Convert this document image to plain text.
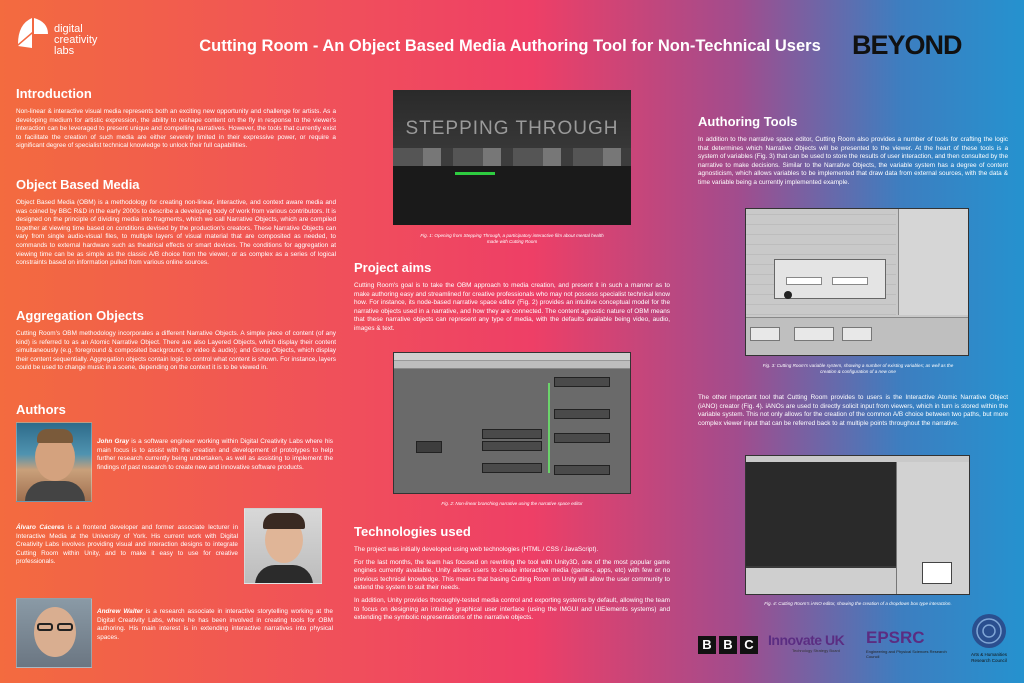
digital
creativity
labs	Cutting Room - An Object Based Media Authoring Tool for Non-Technical Users	BEYOND
Introduction
Non-linear & interactive visual media represents both an exciting new opportunity and challenge for artists. As a developing medium for artistic expression, the ability to reshape content on the fly in response to the viewer's interaction can be leveraged to present unique and compelling narratives. However, the tools that currently exist to facilitate the creation of such media are either severely limited in their expressive power, or require a significant degree of specialist technical knowledge to unlock their full capabilities.
Object Based Media
Object Based Media (OBM) is a methodology for creating non-linear, interactive, and context aware media and was coined by BBC R&D in the early 2000s to describe a developing body of work from various contributors. It is designed on the principle of dividing media into fragments, which we call Narrative Objects, which are compiled together at viewing time based on conditions devised by the production's creators. These Narrative Objects can vary from single audio-visual files, to multiple layers of visual material that are composited as needed, to commands to external hardware such as theatrical effects or smart devices. The conditions for aggregation at viewing time can be as simple as the classic A/B choice from the viewer, or as complex as a series of logical constraints based on information pulled from various online sources.
Aggregation Objects
Cutting Room's OBM methodology incorporates a different Narrative Objects. A simple piece of content (of any kind) is referred to as an Atomic Narrative Object. There are also Layered Objects, which display their content simultaneously (e.g. foreground & composited background, or video & audio); and Group Objects, which display their content sequentially. Aggregation objects contain logic to control what content is shown. For instance, layers could be used to change music in a scene, depending on the context it is to be viewed in.
Authors
John Gray is a software engineer working within Digital Creativity Labs where his main focus is to assist with the creation and development of prototypes to help further research currently being undertaken, as well as assisting to implement the findings of past research to create new and innovative software products.
Álvaro Cáceres is a frontend developer and former associate lecturer in Interactive Media at the University of York. His current work with Digital Creativity Labs involves providing visual and interaction designs to integrate Cutting Room within Unity, and to make it easy to use for creative professionals.
Andrew Walter is a research associate in interactive storytelling working at the Digital Creativity Labs, where he has been involved in creating tools for OBM authoring. His main interest is in extending interactive narratives into physical spaces.
STEPPING THROUGH
Fig. 1: Opening from Stepping Through, a participatory interactive film about mental health made with Cutting Room
Project aims
Cutting Room's goal is to take the OBM approach to media creation, and present it in such a manner as to make authoring easy and streamlined for creative professionals who may not possess specialist technical know how. For instance, its node-based narrative space editor (Fig. 2) provides an intuitive conceptual model for the narrative objects used in a narrative, and how they are connected. The content agnostic nature of OBM means that these narrative objects can represent any type of media, with the defaults available being video, audio, images & text.
Fig. 2: Non-linear branching narrative using the narrative space editor
Technologies used
The project was initially developed using web technologies (HTML / CSS / JavaScript).
For the last months, the team has focused on rewriting the tool with Unity3D, one of the most popular game engines currently available. Unity allows users to create interactive media (games, apps, etc) with few or no previous technical knowledge. This means that basing Cutting Room on Unity will allow the user community to extend the system to suit their needs.
In addition, Unity provides thoroughly-tested media control and exporting systems by default, allowing the team to focus on designing an intuitive graphical user interface (using the IMGUI and UIElements systems) and extending the symbolic representations of the narrative objects.
Authoring Tools
In addition to the narrative space editor, Cutting Room also provides a number of tools for crafting the logic that determines which Narrative Objects will be presented to the viewer. At the heart of these tools is a system of variables (Fig. 3) that can be used to store the results of user interaction, and then consulted by the narrative to make decisions. Similar to the Narrative Objects, the variable system has a degree of content agnosticism, which allows variables to be implemented that draw data from external sources, with the data & time variable being a currently implemented example.
Fig. 3: Cutting Room's variable system, showing a number of existing variables; as well as the creation & configuration of a new one
The other important tool that Cutting Room provides to users is the Interactive Atomic Narrative Object (iANO) creator (Fig. 4). iANOs are used to directly solicit input from viewers, which in turn is stored within the variable system. This not only allows for the creation of the common A/B choice between two paths, but more complex viewer input that can be referred back to at multiple points throughout the narrative.
Fig. 4: Cutting Room's iANO editor, showing the creation of a dropdown box type interaction.
B B C	Innovate UK
Technology Strategy Board
EPSRC
Engineering and Physical Sciences Research Council	Arts & Humanities Research Council
